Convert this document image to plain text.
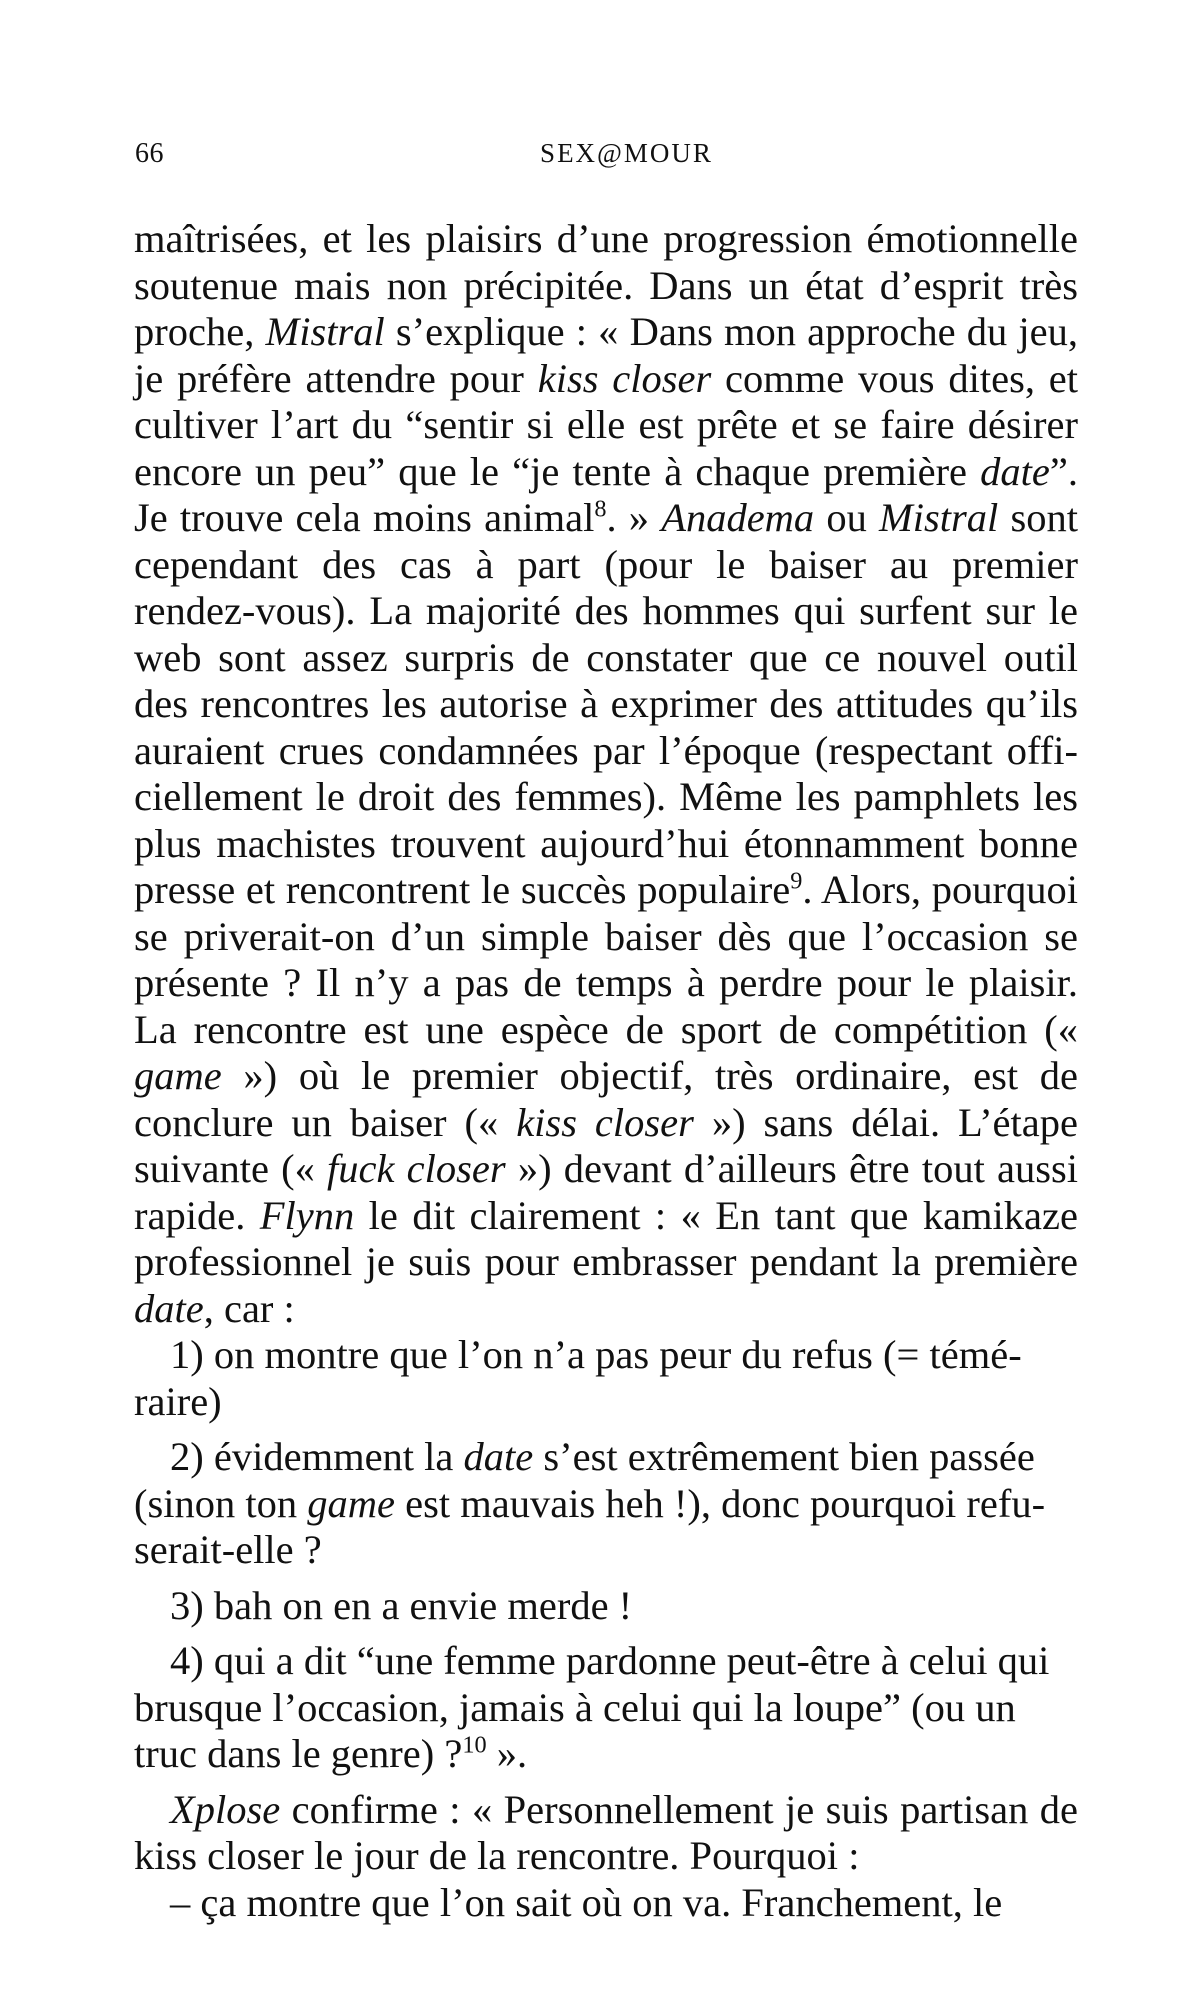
66	SEX@MOUR

maîtrisées, et les plaisirs d’une progression émotionnelle soutenue mais non précipitée. Dans un état d’esprit très proche, Mistral s’explique : « Dans mon approche du jeu, je préfère attendre pour kiss closer comme vous dites, et cultiver l’art du “sentir si elle est prête et se faire désirer encore un peu” que le “je tente à chaque première date”. Je trouve cela moins animal$^8$. » Anadema ou Mistral sont cependant des cas à part (pour le baiser au premier rendez-vous). La majorité des hommes qui surfent sur le web sont assez surpris de constater que ce nouvel outil des rencontres les autorise à exprimer des attitudes qu’ils auraient crues condamnées par l’époque (respectant officiellement le droit des femmes). Même les pamphlets les plus machistes trouvent aujourd’hui étonnamment bonne presse et rencontrent le succès populaire$^9$. Alors, pourquoi se priverait-on d’un simple baiser dès que l’occasion se présente ? Il n’y a pas de temps à perdre pour le plaisir. La rencontre est une espèce de sport de compétition (« game ») où le premier objectif, très ordinaire, est de conclure un baiser (« kiss closer ») sans délai. L’étape suivante (« fuck closer ») devant d’ailleurs être tout aussi rapide. Flynn le dit clairement : « En tant que kamikaze professionnel je suis pour embrasser pendant la première date, car :

1) on montre que l’on n’a pas peur du refus (= téméraire)

2) évidemment la date s’est extrêmement bien passée (sinon ton game est mauvais heh !), donc pourquoi refuserait-elle ?

3) bah on en a envie merde !

4) qui a dit “une femme pardonne peut-être à celui qui brusque l’occasion, jamais à celui qui la loupe” (ou un truc dans le genre) ?$^{10}$ ».

Xplose confirme : « Personnellement je suis partisan de kiss closer le jour de la rencontre. Pourquoi :

– ça montre que l’on sait où on va. Franchement, le
